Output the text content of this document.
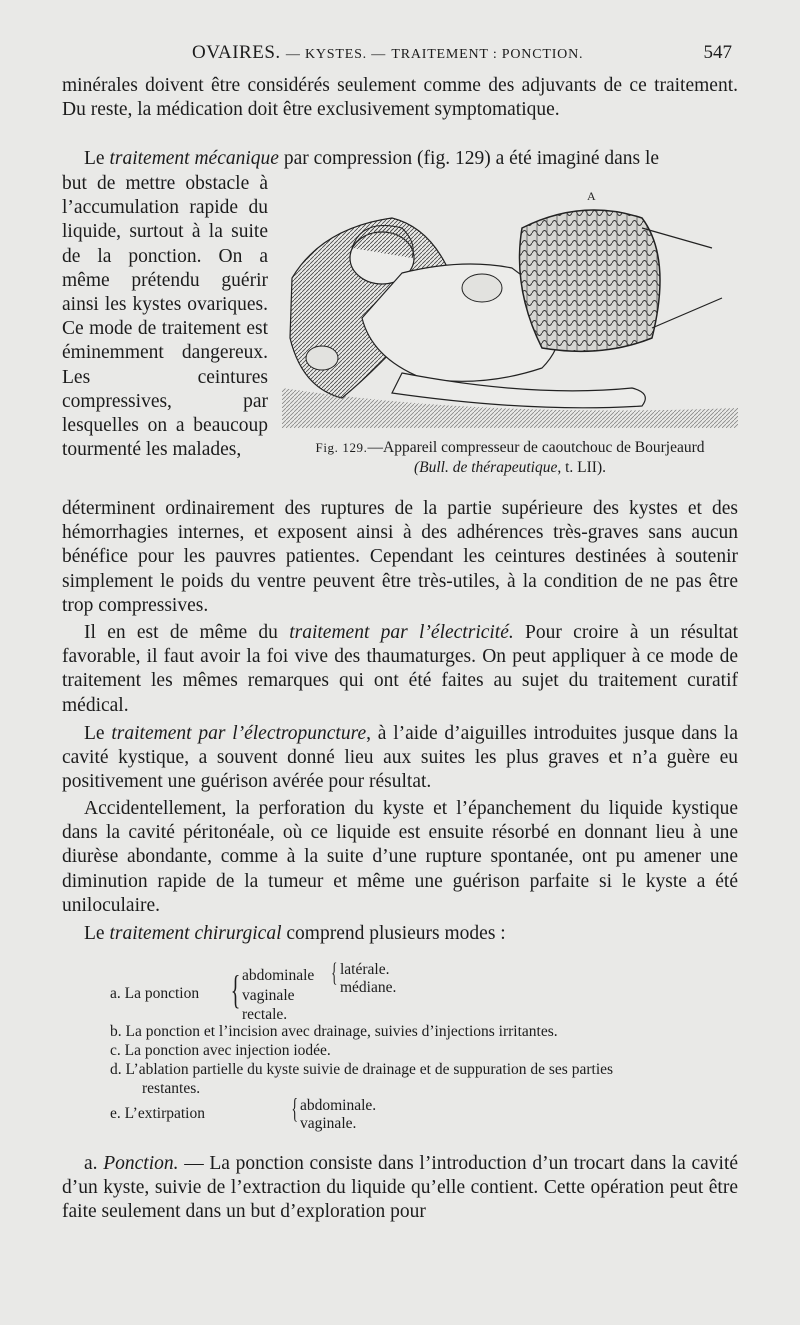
OVAIRES. — KYSTES. — TRAITEMENT : PONCTION.	547

minérales doivent être considérés seulement comme des adjuvants de ce traitement. Du reste, la médication doit être exclusivement symptomatique.

Le traitement mécanique par compression (fig. 129) a été imaginé dans le

but de mettre obstacle à l’accumulation rapide du liquide, surtout à la suite de la ponction. On a même prétendu guérir ainsi les kystes ovariques. Ce mode de traitement est éminemment dangereux. Les ceintures compressives, par lesquelles on a beaucoup tourmenté les malades,

A
Fig. 129.—Appareil compresseur de caoutchouc de Bourjeaurd
(Bull. de thérapeutique, t. LII).

déterminent ordinairement des ruptures de la partie supérieure des kystes et des hémorrhagies internes, et exposent ainsi à des adhérences très-graves sans aucun bénéfice pour les pauvres patientes. Cependant les ceintures destinées à soutenir simplement le poids du ventre peuvent être très-utiles, à la condition de ne pas être trop compressives.

Il en est de même du traitement par l’électricité. Pour croire à un résultat favorable, il faut avoir la foi vive des thaumaturges. On peut appliquer à ce mode de traitement les mêmes remarques qui ont été faites au sujet du traitement curatif médical.

Le traitement par l’électropuncture, à l’aide d’aiguilles introduites jusque dans la cavité kystique, a souvent donné lieu aux suites les plus graves et n’a guère eu positivement une guérison avérée pour résultat.

Accidentellement, la perforation du kyste et l’épanchement du liquide kystique dans la cavité péritonéale, où ce liquide est ensuite résorbé en donnant lieu à une diurèse abondante, comme à la suite d’une rupture spontanée, ont pu amener une diminution rapide de la tumeur et même une guérison parfaite si le kyste a été uniloculaire.

Le traitement chirurgical comprend plusieurs modes :

a. La ponction { abdominale { latérale.
médiane.
vaginale
rectale.
b. La ponction et l’incision avec drainage, suivies d’injections irritantes.
c. La ponction avec injection iodée.
d. L’ablation partielle du kyste suivie de drainage et de suppuration de ses parties
restantes.
e. L’extirpation	{ abdominale.
vaginale.

a. Ponction. — La ponction consiste dans l’introduction d’un trocart dans la cavité d’un kyste, suivie de l’extraction du liquide qu’elle contient. Cette opération peut être faite seulement dans un but d’exploration pour
